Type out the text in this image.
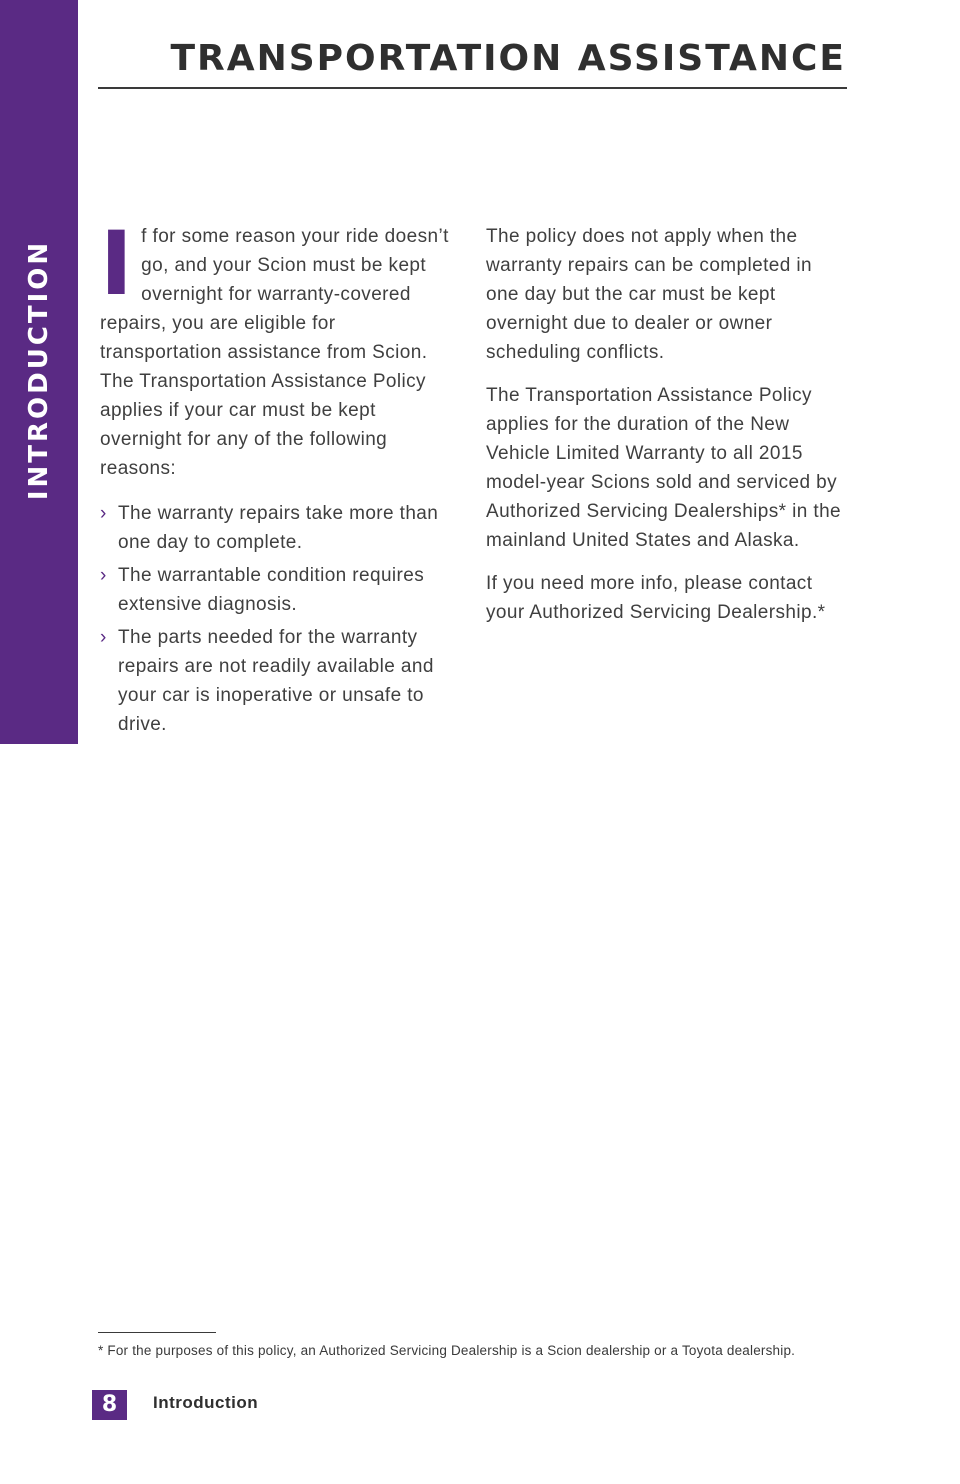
INTRODUCTION
TRANSPORTATION ASSISTANCE

If for some reason your ride doesn’t go, and your Scion must be kept overnight for warranty-covered repairs, you are eligible for transportation assistance from Scion. The Transportation Assistance Policy applies if your car must be kept overnight for any of the following reasons:

› The warranty repairs take more than one day to complete.
› The warrantable condition requires extensive diagnosis.
› The parts needed for the warranty repairs are not readily available and your car is inoperative or unsafe to drive.

The policy does not apply when the warranty repairs can be completed in one day but the car must be kept overnight due to dealer or owner scheduling conflicts.

The Transportation Assistance Policy applies for the duration of the New Vehicle Limited Warranty to all 2015 model-year Scions sold and serviced by Authorized Servicing Dealerships* in the mainland United States and Alaska.

If you need more info, please contact your Authorized Servicing Dealership.*

* For the purposes of this policy, an Authorized Servicing Dealership is a Scion dealership or a Toyota dealership.
8	Introduction
